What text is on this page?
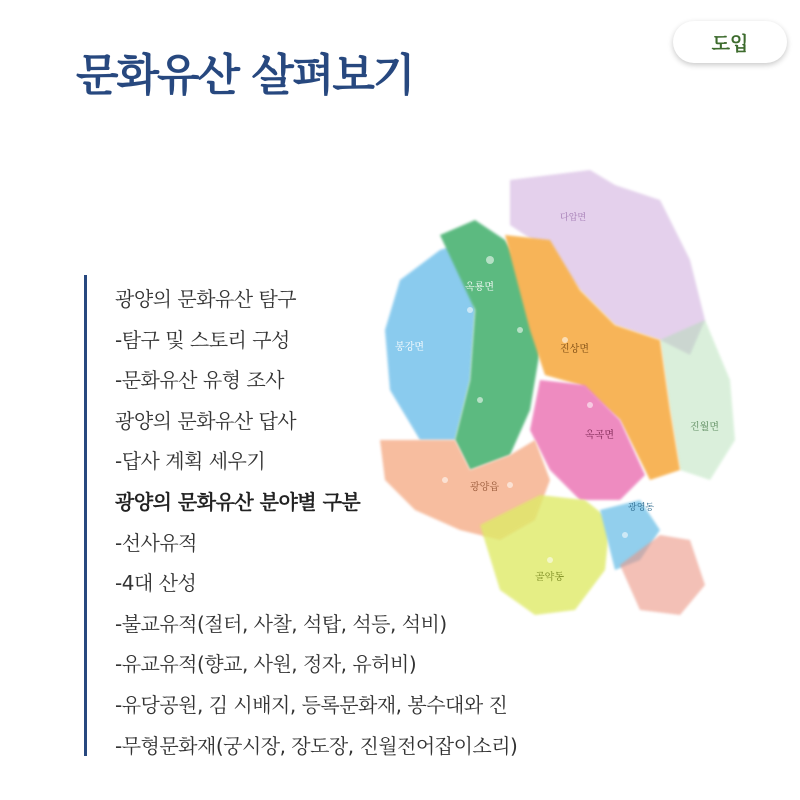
도입
문화유산 살펴보기
옥룡면
봉강면	진상면
옥곡면
진월면
광양읍
골약동
광영동
다압면
광양의 문화유산 탐구
-탐구 및 스토리 구성
-문화유산 유형 조사
광양의 문화유산 답사
-답사 계획 세우기
광양의 문화유산 분야별 구분
-선사유적
-4대 산성
-불교유적(절터, 사찰, 석탑, 석등, 석비)
-유교유적(향교, 사원, 정자, 유허비)
-유당공원, 김 시배지, 등록문화재, 봉수대와 진
-무형문화재(궁시장, 장도장, 진월전어잡이소리)
